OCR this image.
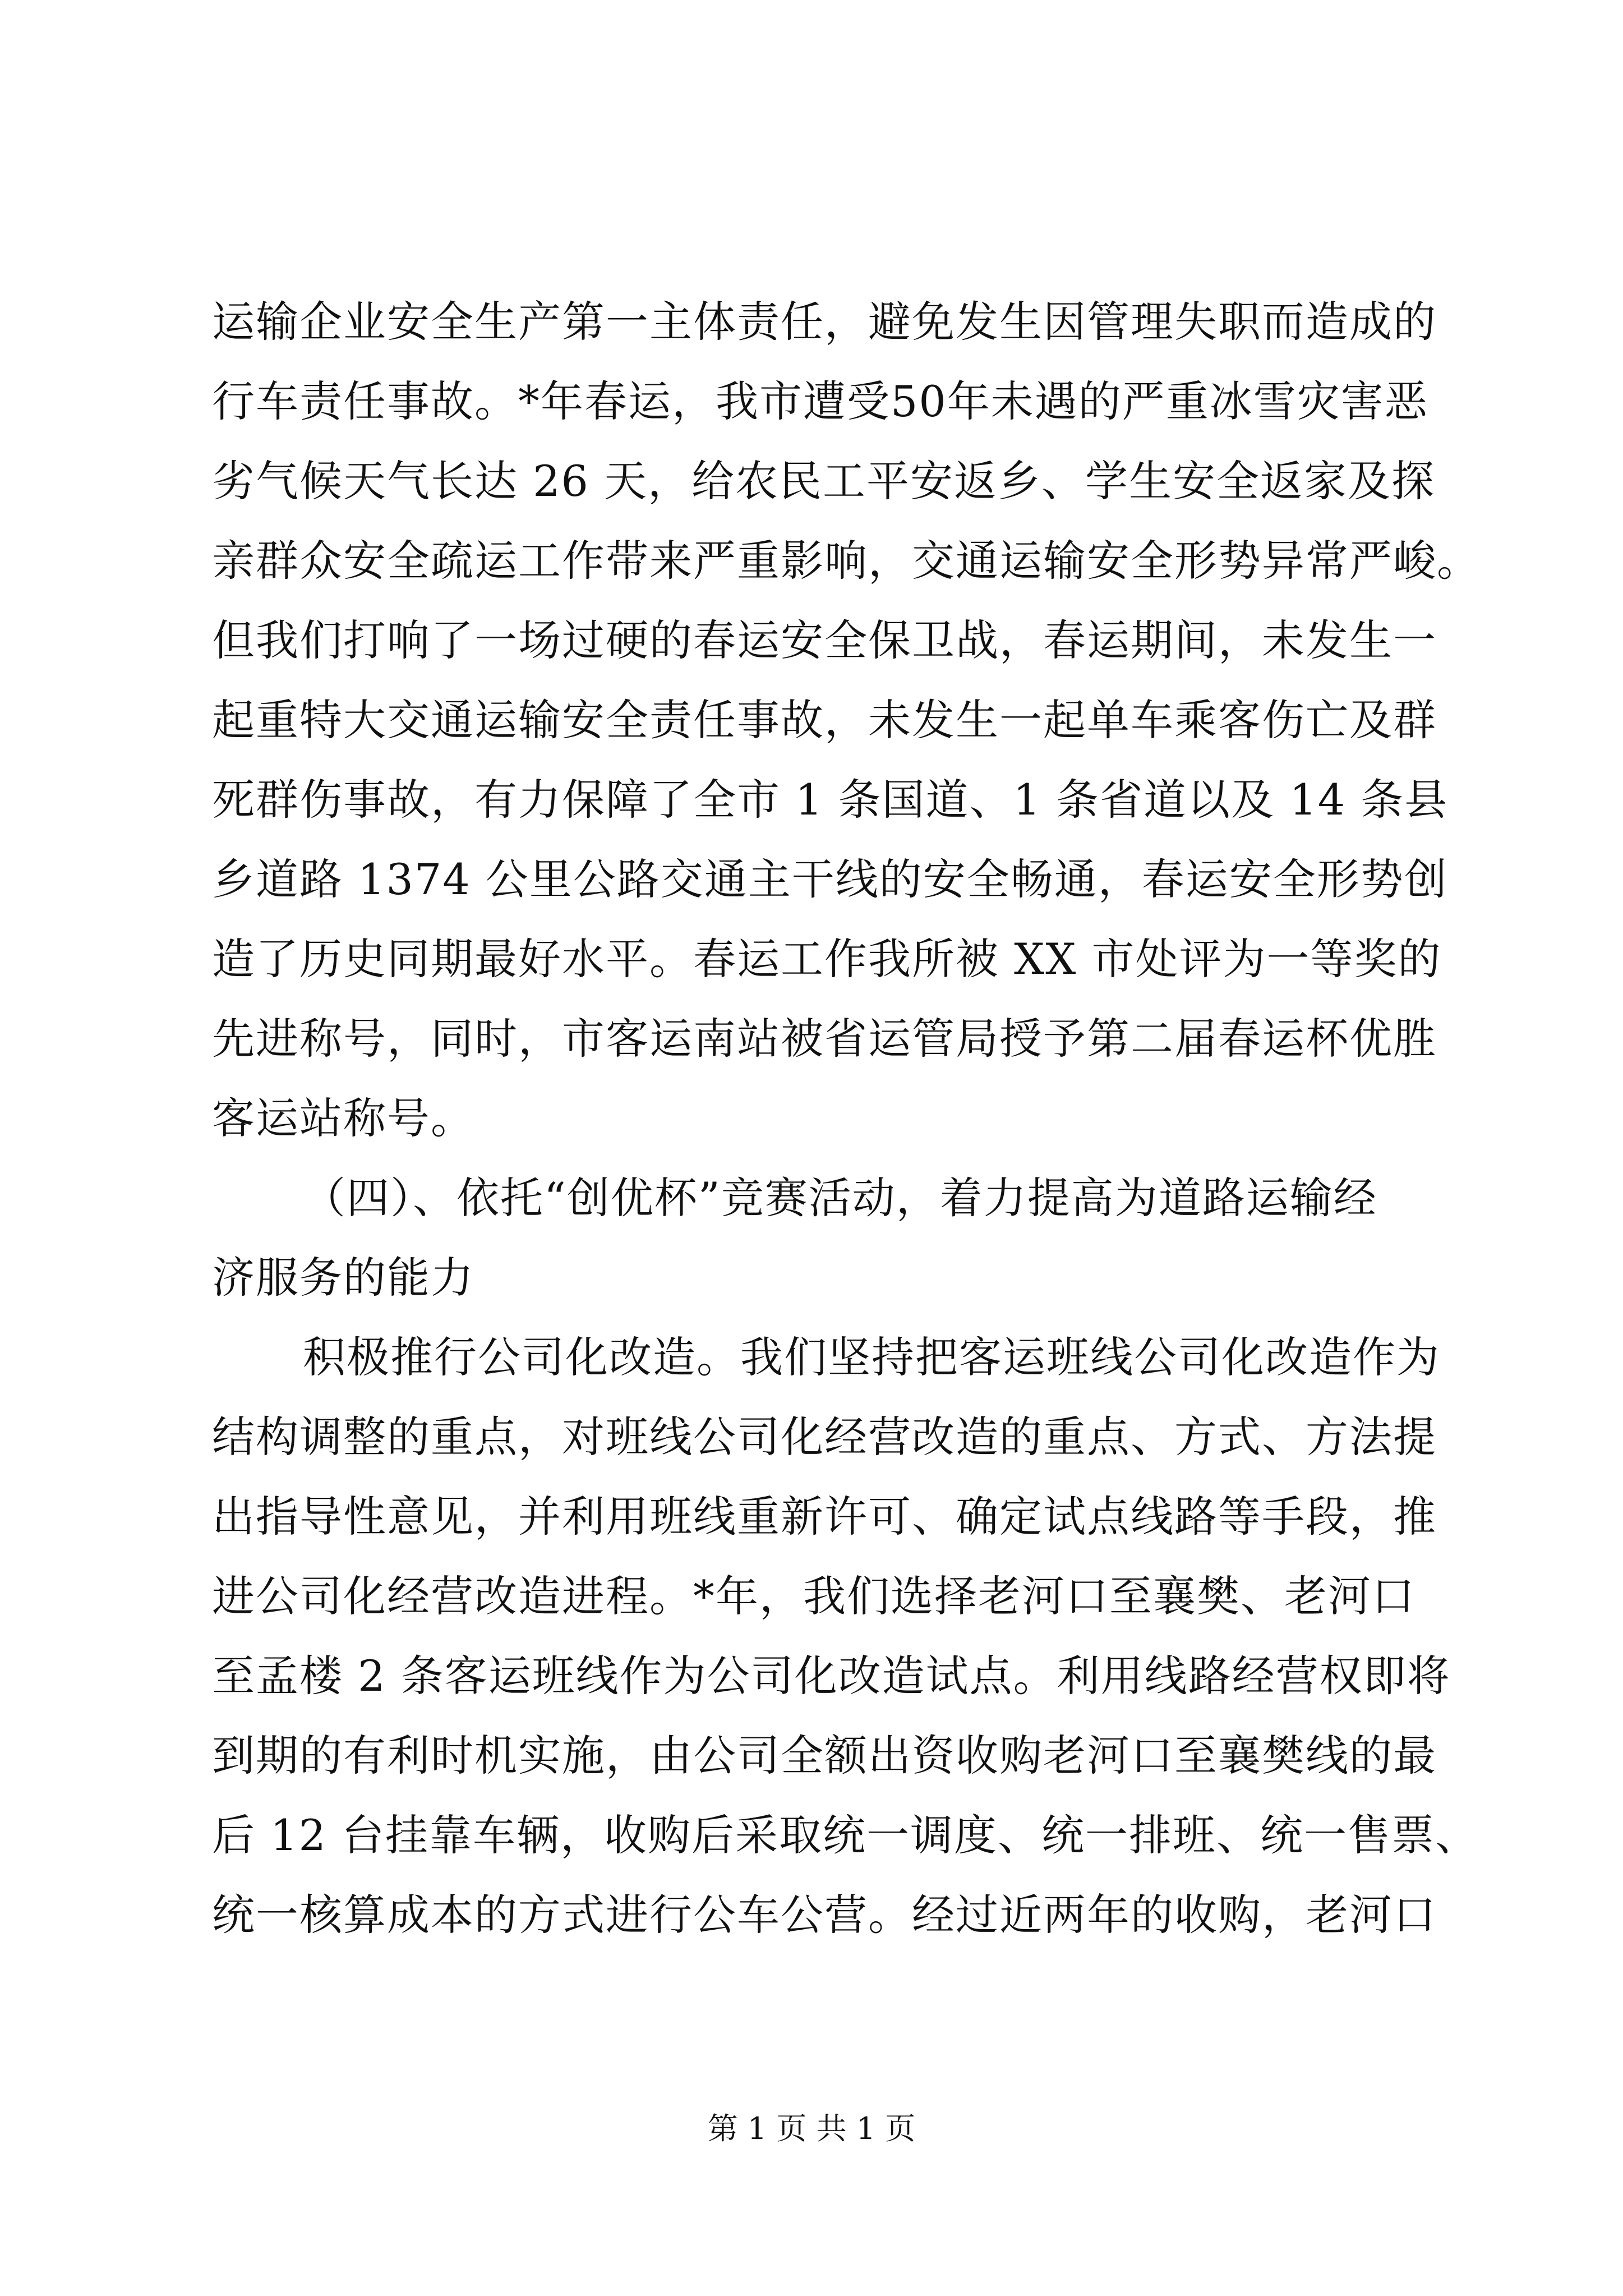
运输企业安全生产第一主体责任，避免发生因管理失职而造成的
行车责任事故。*年春运，我市遭受50年未遇的严重冰雪灾害恶
劣气候天气长达 26 天，给农民工平安返乡、学生安全返家及探
亲群众安全疏运工作带来严重影响，交通运输安全形势异常严峻。
但我们打响了一场过硬的春运安全保卫战，春运期间，未发生一
起重特大交通运输安全责任事故，未发生一起单车乘客伤亡及群
死群伤事故，有力保障了全市 1 条国道、1 条省道以及 14 条县
乡道路 1374 公里公路交通主干线的安全畅通，春运安全形势创
造了历史同期最好水平。春运工作我所被 XX 市处评为一等奖的
先进称号，同时，市客运南站被省运管局授予第二届春运杯优胜
客运站称号。
（四）、依托“创优杯”竞赛活动，着力提高为道路运输经
济服务的能力
积极推行公司化改造。我们坚持把客运班线公司化改造作为
结构调整的重点，对班线公司化经营改造的重点、方式、方法提
出指导性意见，并利用班线重新许可、确定试点线路等手段，推
进公司化经营改造进程。*年，我们选择老河口至襄樊、老河口
至孟楼 2 条客运班线作为公司化改造试点。利用线路经营权即将
到期的有利时机实施，由公司全额出资收购老河口至襄樊线的最
后 12 台挂靠车辆，收购后采取统一调度、统一排班、统一售票、
统一核算成本的方式进行公车公营。经过近两年的收购，老河口
第 1 页 共 1 页
